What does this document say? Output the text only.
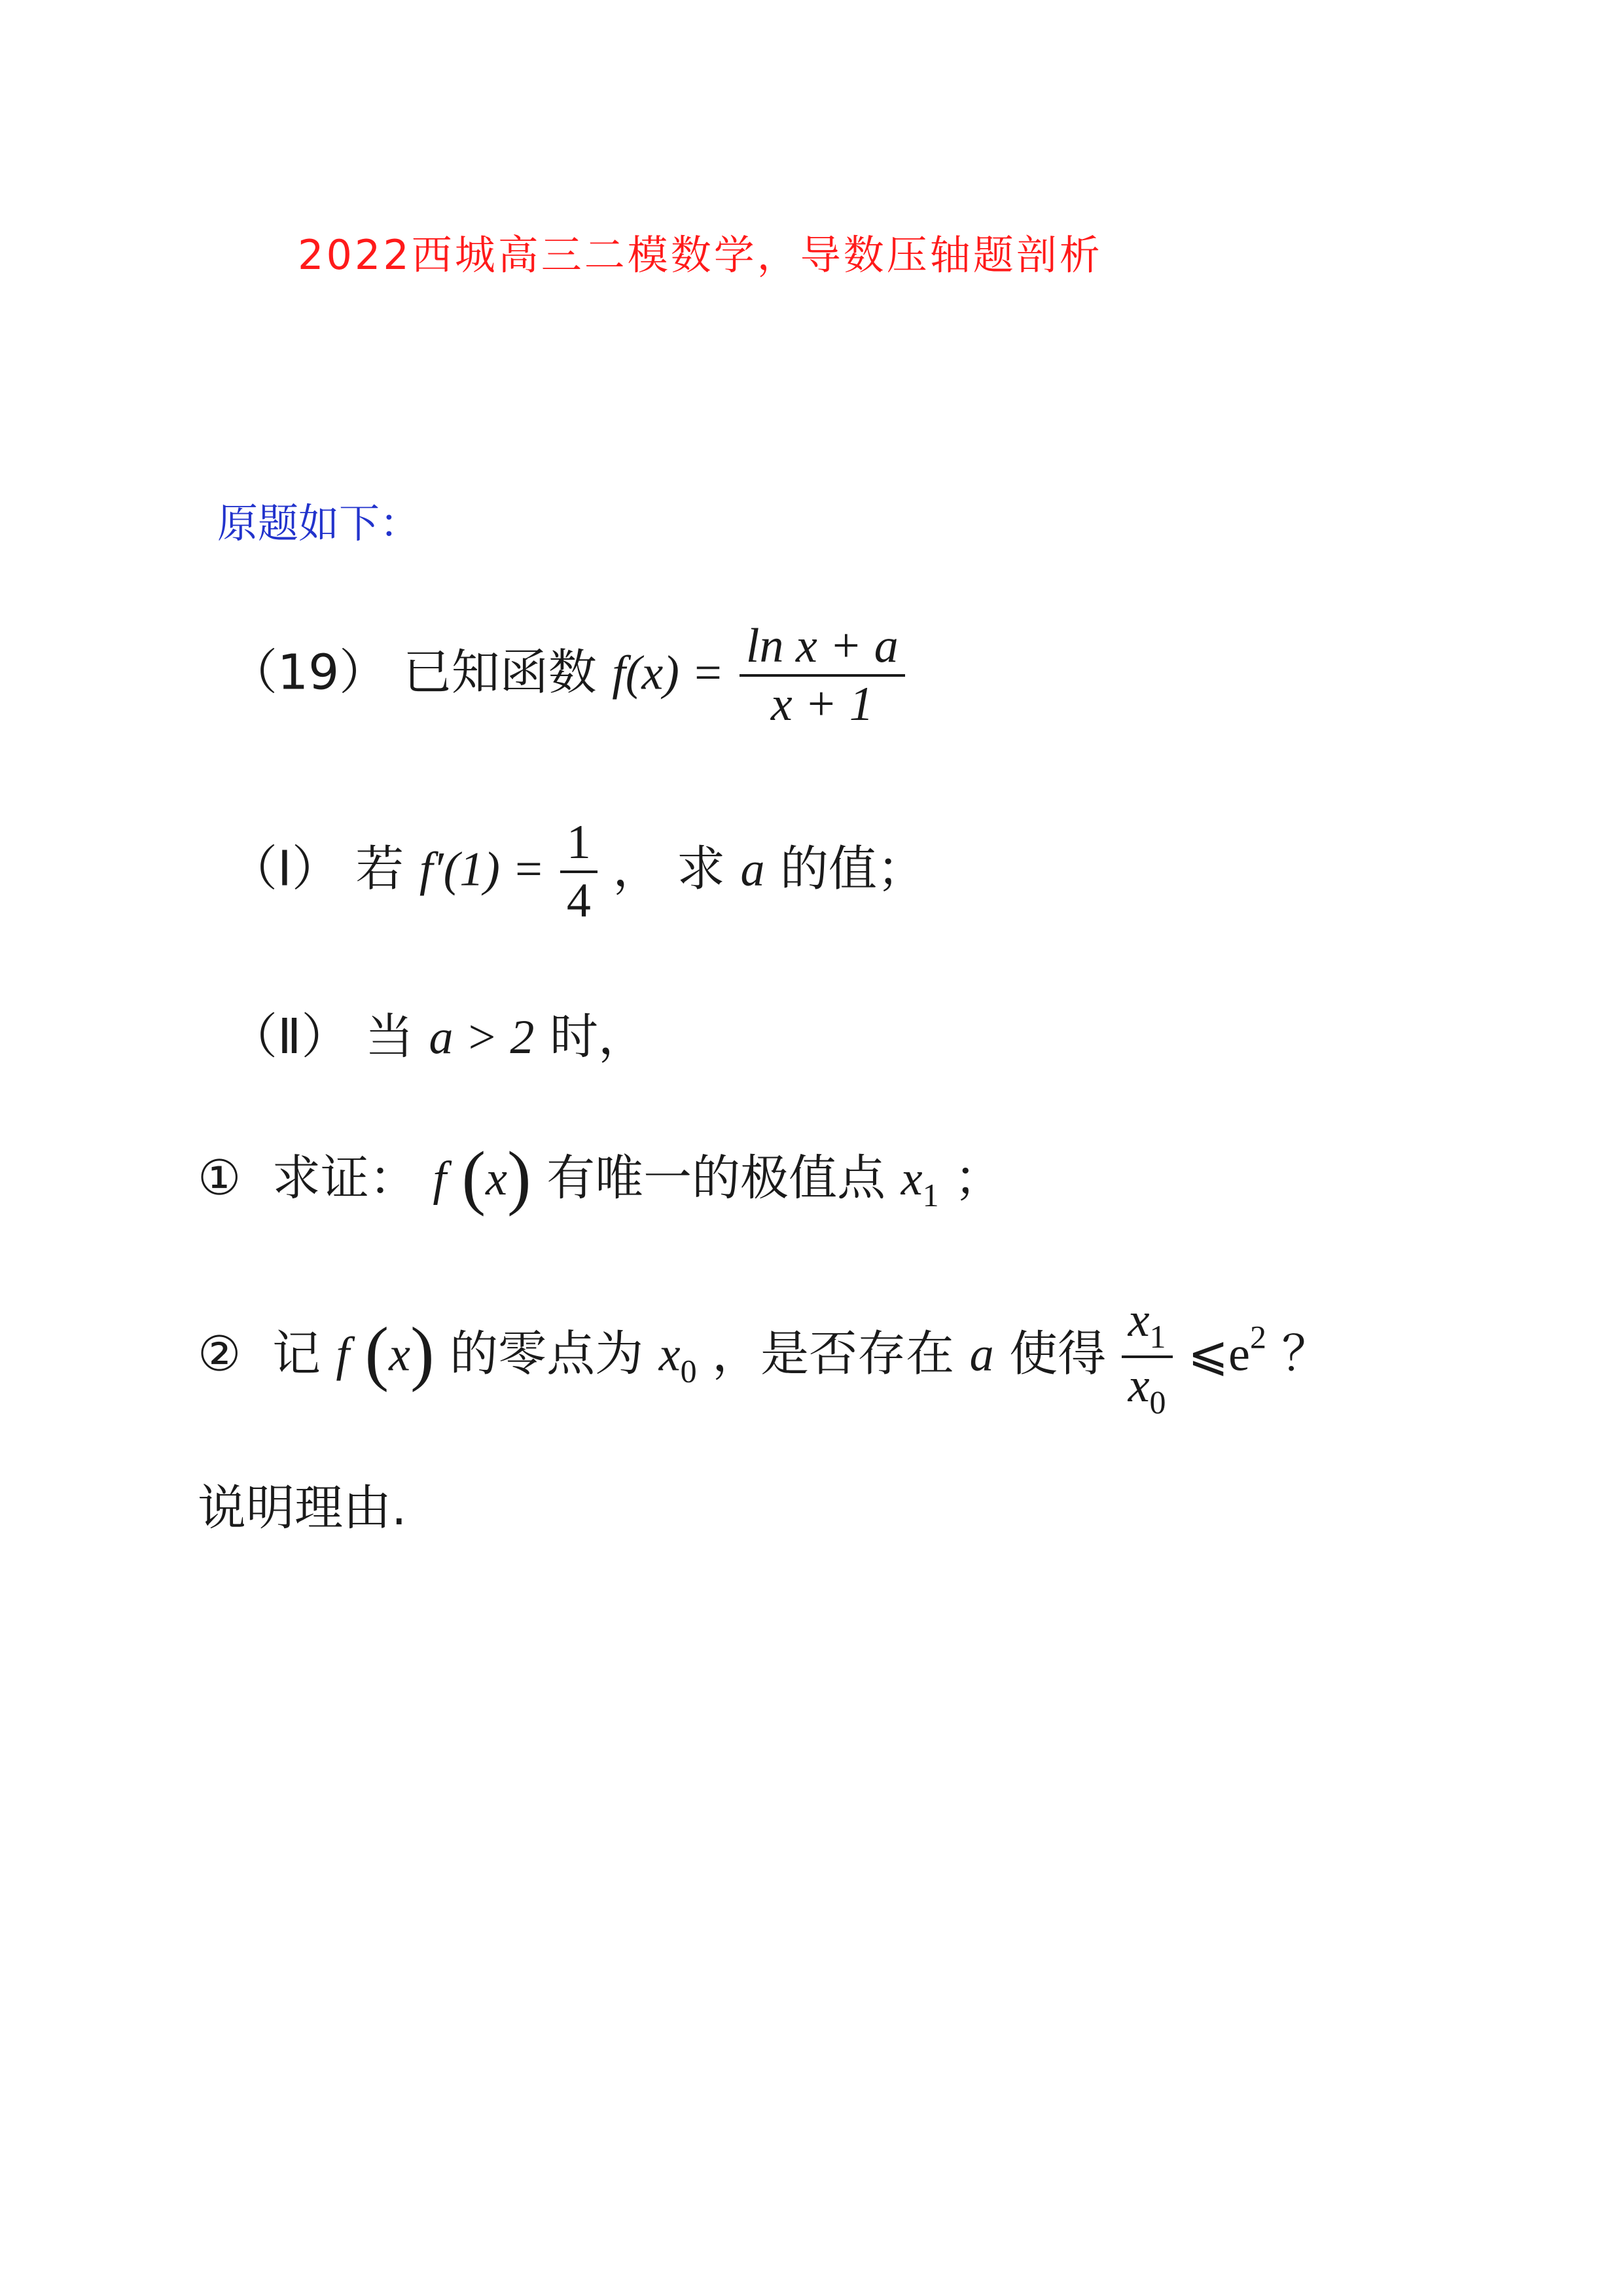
2022西城高三二模数学，导数压轴题剖析
原题如下：
（19） 已知函数 $f(x) = \frac{\text{ln x + a}}{x + 1}$
（Ⅰ） 若 $f'(1) = \frac{1}{4}$ ， 求 a 的值；
（Ⅱ） 当 a > 2 时，
① 求证： f (x) 有唯一的极值点 $x_1$ ；
② 记 f (x) 的零点为 $x_0$ ，是否存在 a 使得 $\frac{x_1}{x_0}$ $⩽e^2$ ？
说明理由.
